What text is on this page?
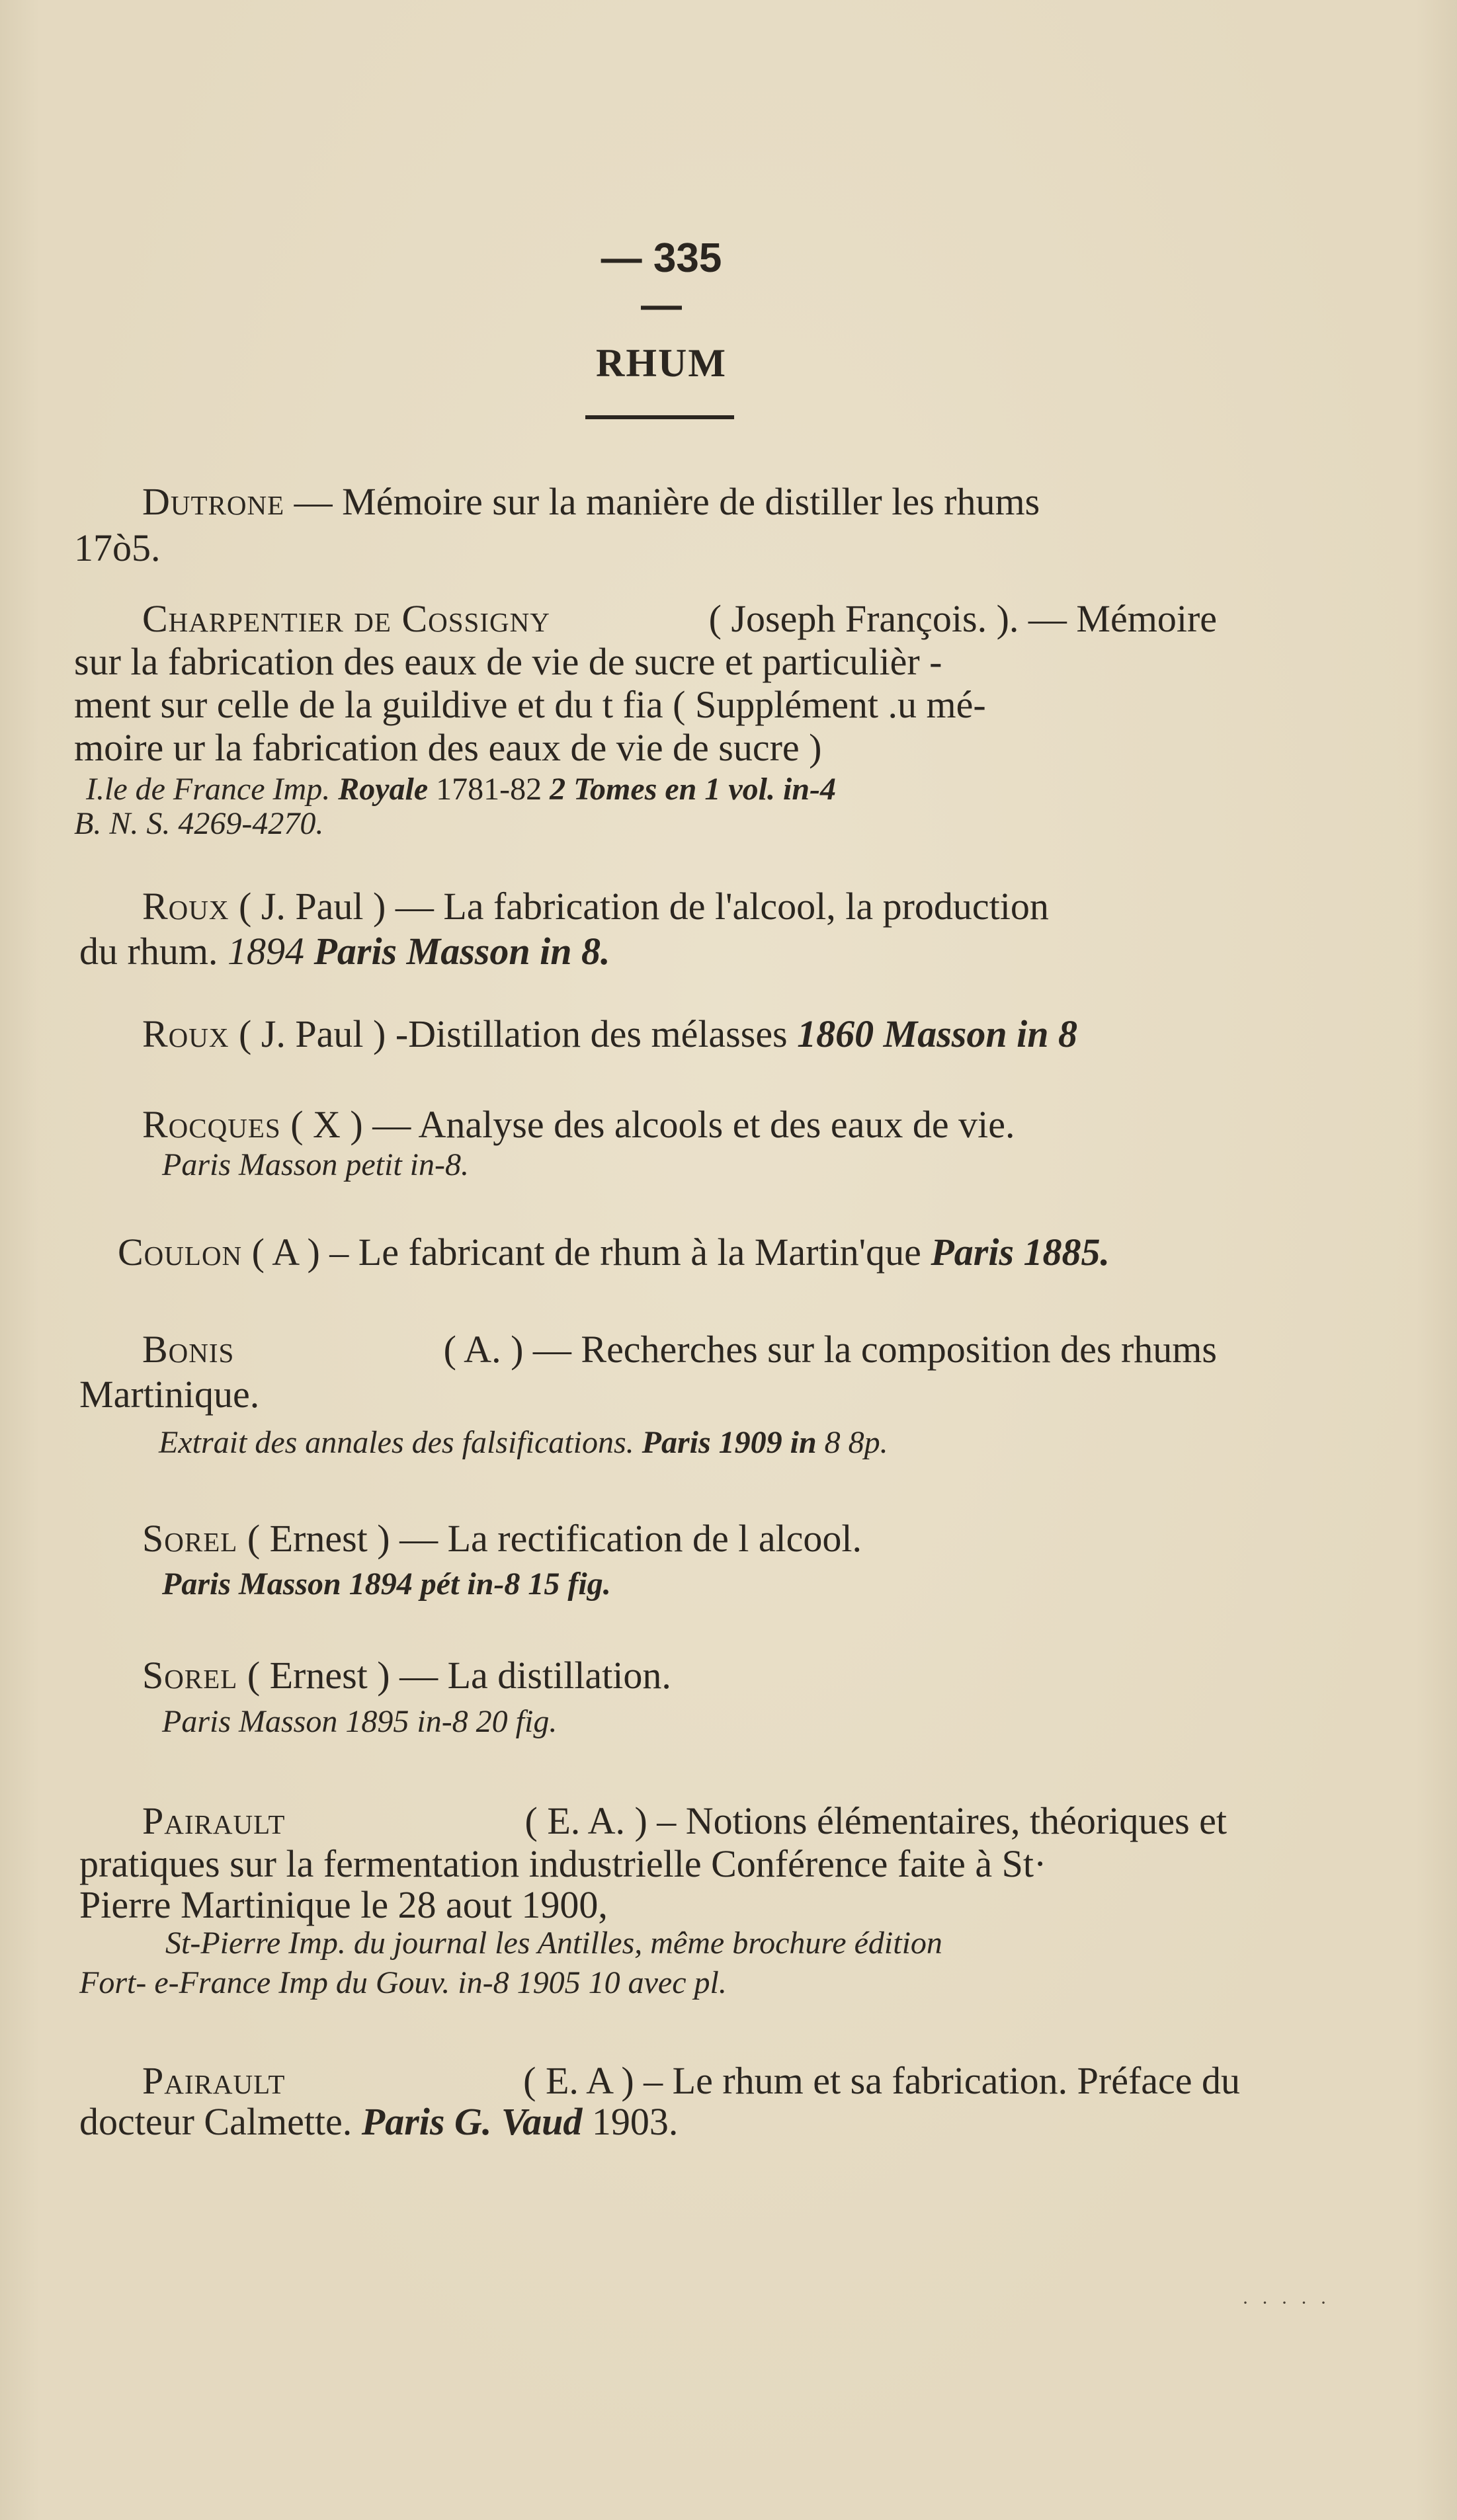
— 335 —
RHUM
Dutrone — Mémoire sur la manière de distiller les rhums
17ò5.
Charpentier de Cossigny	( Joseph François. ). — Mémoire
sur la fabrication des eaux de vie de sucre et particulièr -
ment sur celle de la guildive et du t fia ( Supplément .u mé-
moire ur la fabrication des eaux de vie de sucre )
I.le de France Imp. Royale 1781-82 2 Tomes en 1 vol. in-4
B. N. S. 4269-4270.
Roux ( J. Paul ) — La fabrication de l'alcool, la production
du rhum. 1894 Paris Masson in 8.
Roux ( J. Paul ) -Distillation des mélasses 1860 Masson in 8
Rocques ( X ) — Analyse des alcools et des eaux de vie.
Paris Masson petit in-8.
Coulon ( A ) – Le fabricant de rhum à la Martin'que Paris 1885.
Bonis	( A. ) — Recherches sur la composition des rhums
Martinique.
Extrait des annales des falsifications. Paris 1909 in 8 8p.
Sorel ( Ernest ) — La rectification de l alcool.
Paris Masson 1894 pét in-8 15 fig.
Sorel ( Ernest ) — La distillation.
Paris Masson 1895 in-8 20 fig.
Pairault	( E. A. ) – Notions élémentaires, théoriques et
pratiques sur la fermentation industrielle Conférence faite à St·
Pierre Martinique le 28 aout 1900,
St-Pierre Imp. du journal les Antilles, même brochure édition
Fort- e-France Imp du Gouv. in-8 1905 10 avec pl.
Pairault	( E. A ) – Le rhum et sa fabrication. Préface du
docteur Calmette. Paris G. Vaud 1903.
· · · · ·
